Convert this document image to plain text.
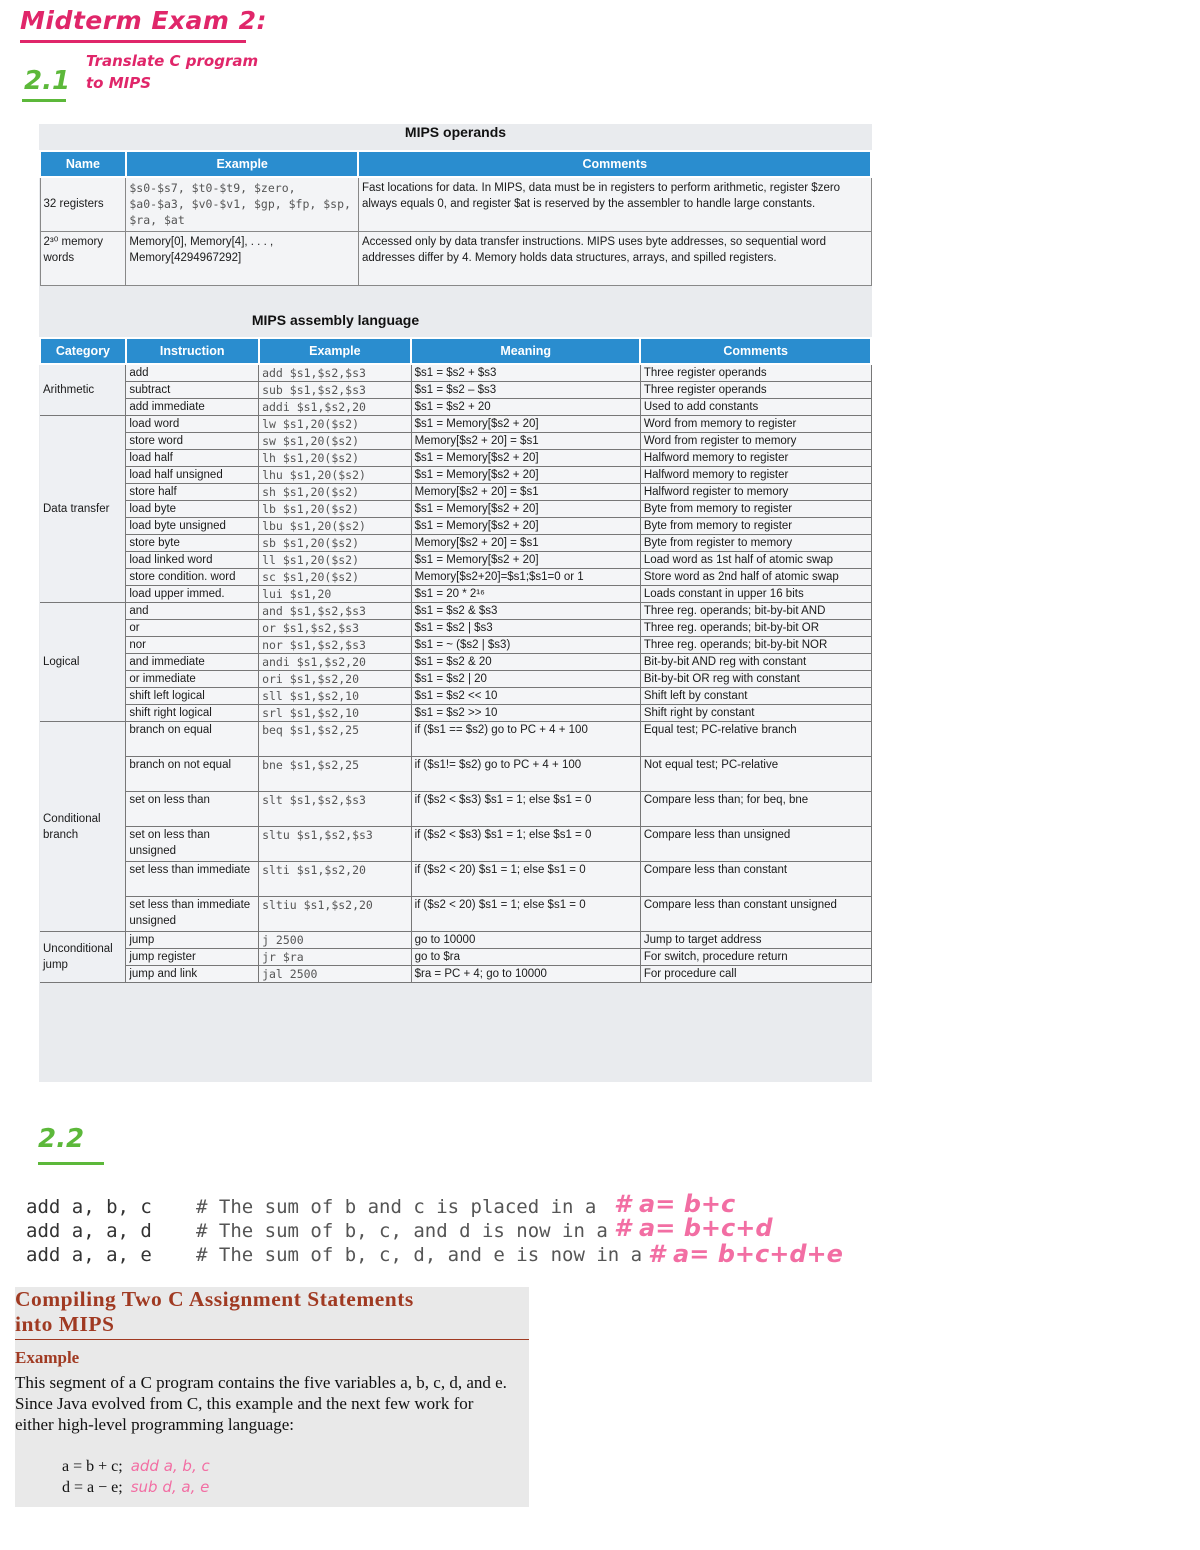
Midterm Exam 2:
2.1
Translate C program to MIPS
MIPS operands
Name	Example	Comments
32 registers	$s0-$s7, $t0-$t9, $zero, $a0-$a3, $v0-$v1, $gp, $fp, $sp, $ra, $at	Fast locations for data. In MIPS, data must be in registers to perform arithmetic, register $zero always equals 0, and register $at is reserved by the assembler to handle large constants.
2³⁰ memory words	Memory[0], Memory[4], . . . , Memory[4294967292]	Accessed only by data transfer instructions. MIPS uses byte addresses, so sequential word addresses differ by 4. Memory holds data structures, arrays, and spilled registers.
MIPS assembly language
Category	Instruction	Example	Meaning	Comments
Arithmetic	add	add $s1,$s2,$s3	$s1 = $s2 + $s3	Three register operands
	subtract	sub $s1,$s2,$s3	$s1 = $s2 – $s3	Three register operands
	add immediate	addi $s1,$s2,20	$s1 = $s2 + 20	Used to add constants
Data transfer	load word	lw $s1,20($s2)	$s1 = Memory[$s2 + 20]	Word from memory to register
	store word	sw $s1,20($s2)	Memory[$s2 + 20] = $s1	Word from register to memory
	load half	lh $s1,20($s2)	$s1 = Memory[$s2 + 20]	Halfword memory to register
	load half unsigned	lhu $s1,20($s2)	$s1 = Memory[$s2 + 20]	Halfword memory to register
	store half	sh $s1,20($s2)	Memory[$s2 + 20] = $s1	Halfword register to memory
	load byte	lb $s1,20($s2)	$s1 = Memory[$s2 + 20]	Byte from memory to register
	load byte unsigned	lbu $s1,20($s2)	$s1 = Memory[$s2 + 20]	Byte from memory to register
	store byte	sb $s1,20($s2)	Memory[$s2 + 20] = $s1	Byte from register to memory
	load linked word	ll $s1,20($s2)	$s1 = Memory[$s2 + 20]	Load word as 1st half of atomic swap
	store condition. word	sc $s1,20($s2)	Memory[$s2+20]=$s1;$s1=0 or 1	Store word as 2nd half of atomic swap
	load upper immed.	lui $s1,20	$s1 = 20 * 2¹⁶	Loads constant in upper 16 bits
Logical	and	and $s1,$s2,$s3	$s1 = $s2 & $s3	Three reg. operands; bit-by-bit AND
	or	or $s1,$s2,$s3	$s1 = $s2 | $s3	Three reg. operands; bit-by-bit OR
	nor	nor $s1,$s2,$s3	$s1 = ~ ($s2 | $s3)	Three reg. operands; bit-by-bit NOR
	and immediate	andi $s1,$s2,20	$s1 = $s2 & 20	Bit-by-bit AND reg with constant
	or immediate	ori $s1,$s2,20	$s1 = $s2 | 20	Bit-by-bit OR reg with constant
	shift left logical	sll $s1,$s2,10	$s1 = $s2 << 10	Shift left by constant
	shift right logical	srl $s1,$s2,10	$s1 = $s2 >> 10	Shift right by constant
Conditional branch	branch on equal	beq $s1,$s2,25	if ($s1 == $s2) go to PC + 4 + 100	Equal test; PC-relative branch
	branch on not equal	bne $s1,$s2,25	if ($s1!= $s2) go to PC + 4 + 100	Not equal test; PC-relative
	set on less than	slt $s1,$s2,$s3	if ($s2 < $s3) $s1 = 1; else $s1 = 0	Compare less than; for beq, bne
	set on less than unsigned	sltu $s1,$s2,$s3	if ($s2 < $s3) $s1 = 1; else $s1 = 0	Compare less than unsigned
	set less than immediate	slti $s1,$s2,20	if ($s2 < 20) $s1 = 1; else $s1 = 0	Compare less than constant
	set less than immediate unsigned	sltiu $s1,$s2,20	if ($s2 < 20) $s1 = 1; else $s1 = 0	Compare less than constant unsigned
Unconditional jump	jump	j 2500	go to 10000	Jump to target address
	jump register	jr $ra	go to $ra	For switch, procedure return
	jump and link	jal 2500	$ra = PC + 4; go to 10000	For procedure call
2.2
add a, b, c
add a, a, d
add a, a, e
# The sum of b and c is placed in a
# The sum of b, c, and d is now in a
# The sum of b, c, d, and e is now in a
# a= b+c
# a= b+c+d
# a= b+c+d+e
Compiling Two C Assignment Statements
into MIPS
Example
This segment of a C program contains the five variables a, b, c, d, and e. Since Java evolved from C, this example and the next few work for either high-level programming language:
a = b + c; add a, b, c
d = a − e; sub d, a, e
